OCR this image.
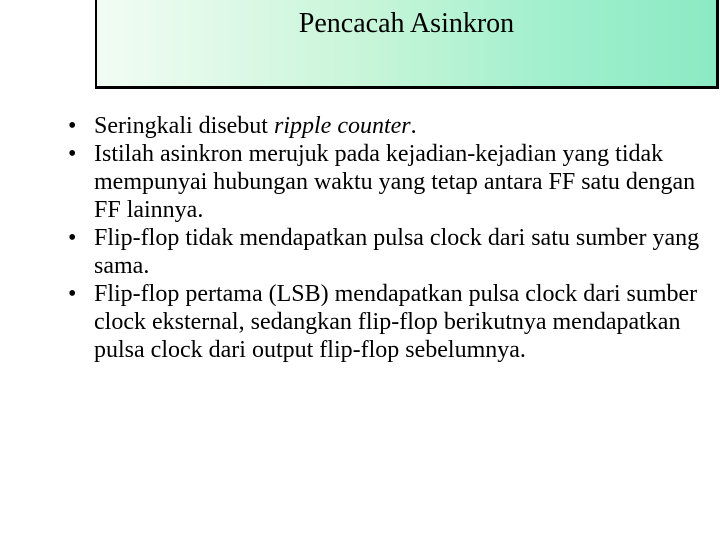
Pencacah Asinkron
• Seringkali disebut ripple counter.
• Istilah asinkron merujuk pada kejadian-kejadian yang tidak mempunyai hubungan waktu yang tetap antara FF satu dengan FF lainnya.
• Flip-flop tidak mendapatkan pulsa clock dari satu sumber yang sama.
• Flip-flop pertama (LSB) mendapatkan pulsa clock dari sumber clock eksternal, sedangkan flip-flop berikutnya mendapatkan pulsa clock dari output flip-flop sebelumnya.
